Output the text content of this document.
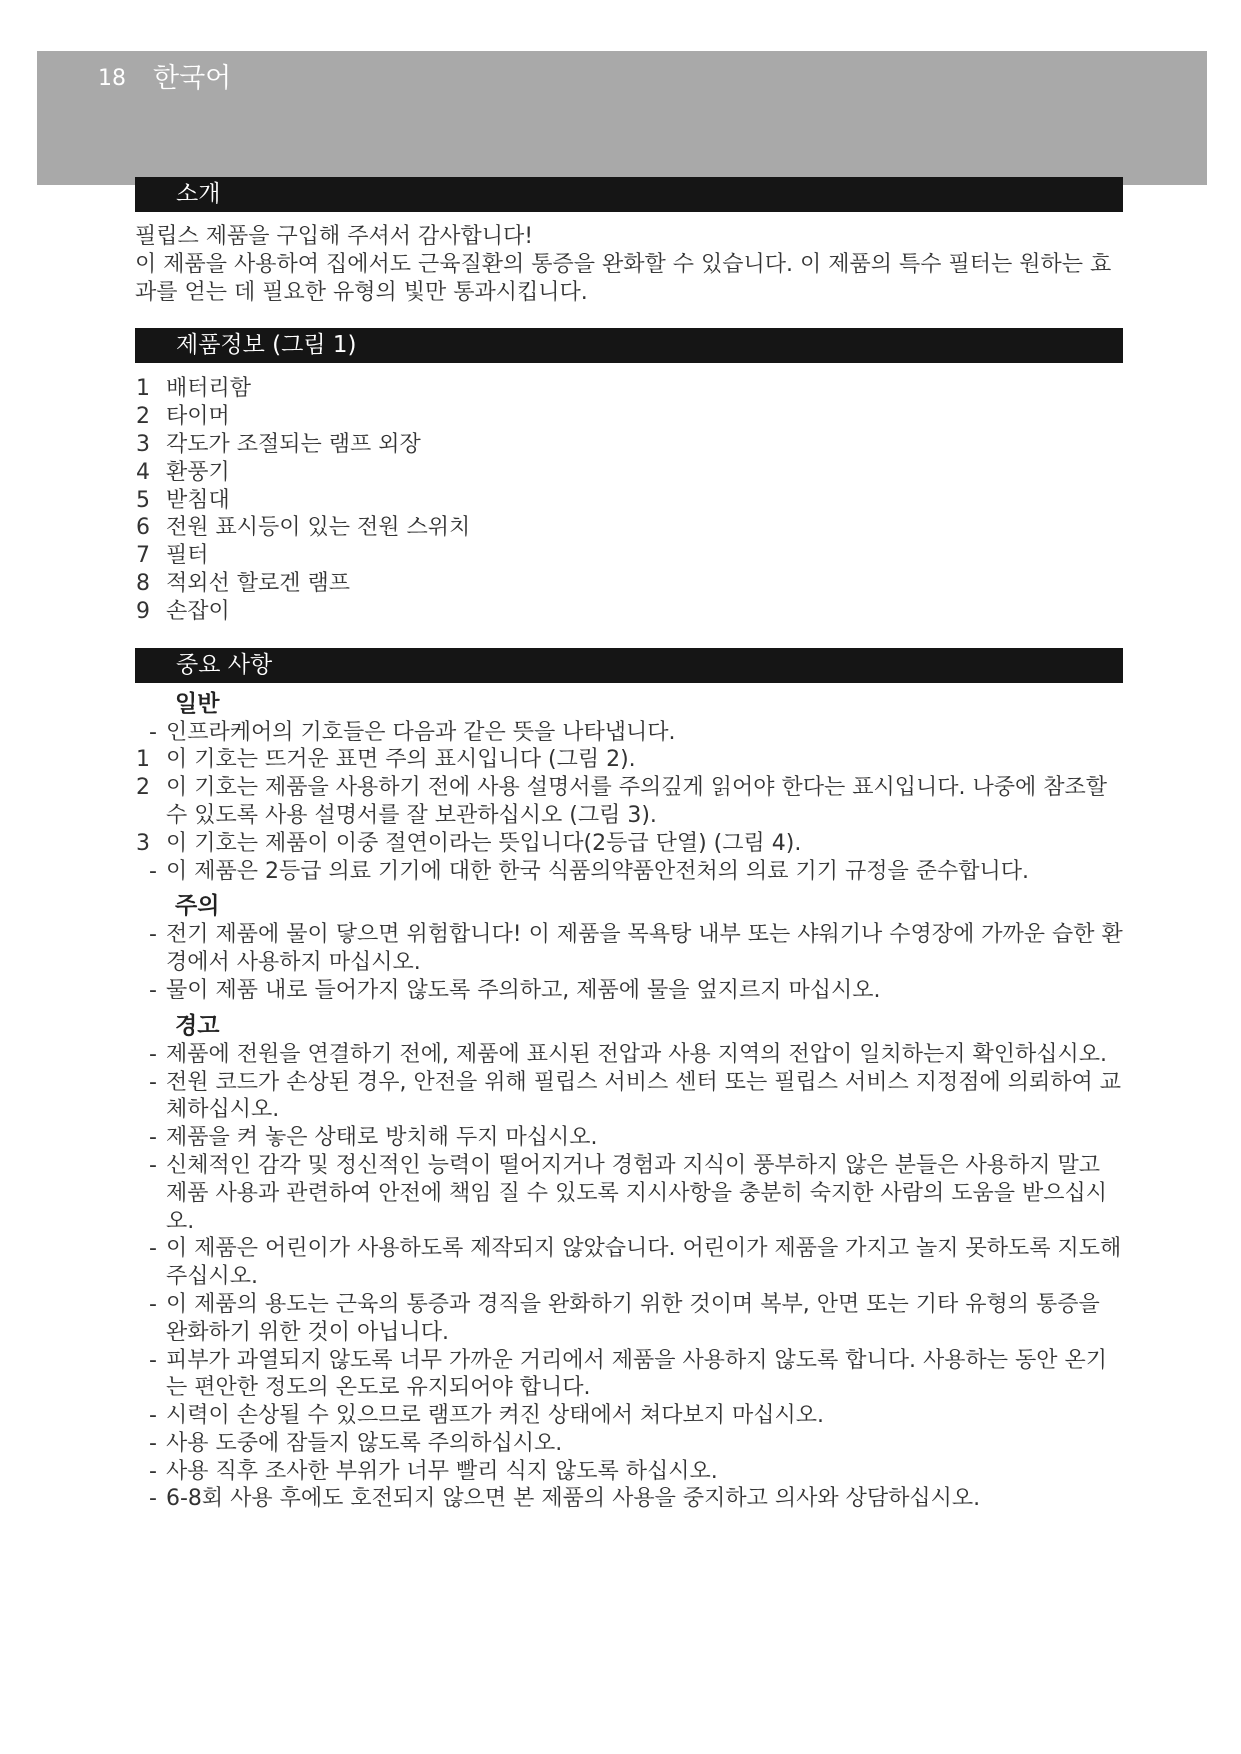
18 한국어
소개

필립스 제품을 구입해 주셔서 감사합니다!

이 제품을 사용하여 집에서도 근육질환의 통증을 완화할 수 있습니다. 이 제품의 특수 필터는 원하는 효과를 얻는 데 필요한 유형의 빛만 통과시킵니다.

제품정보 (그림 1)
1 배터리함
2 타이머
3 각도가 조절되는 램프 외장
4 환풍기
5 받침대
6 전원 표시등이 있는 전원 스위치
7 필터
8 적외선 할로겐 램프
9 손잡이
중요 사항
일반

- 인프라케어의 기호들은 다음과 같은 뜻을 나타냅니다.

1 이 기호는 뜨거운 표면 주의 표시입니다 (그림 2).

2 이 기호는 제품을 사용하기 전에 사용 설명서를 주의깊게 읽어야 한다는 표시입니다. 나중에 참조할 수 있도록 사용 설명서를 잘 보관하십시오 (그림 3).

3 이 기호는 제품이 이중 절연이라는 뜻입니다(2등급 단열) (그림 4).

- 이 제품은 2등급 의료 기기에 대한 한국 식품의약품안전처의 의료 기기 규정을 준수합니다.

주의

- 전기 제품에 물이 닿으면 위험합니다! 이 제품을 목욕탕 내부 또는 샤워기나 수영장에 가까운 습한 환경에서 사용하지 마십시오.

- 물이 제품 내로 들어가지 않도록 주의하고, 제품에 물을 엎지르지 마십시오.

경고

- 제품에 전원을 연결하기 전에, 제품에 표시된 전압과 사용 지역의 전압이 일치하는지 확인하십시오.

- 전원 코드가 손상된 경우, 안전을 위해 필립스 서비스 센터 또는 필립스 서비스 지정점에 의뢰하여 교체하십시오.

- 제품을 켜 놓은 상태로 방치해 두지 마십시오.

- 신체적인 감각 및 정신적인 능력이 떨어지거나 경험과 지식이 풍부하지 않은 분들은 사용하지 말고 제품 사용과 관련하여 안전에 책임 질 수 있도록 지시사항을 충분히 숙지한 사람의 도움을 받으십시오.

- 이 제품은 어린이가 사용하도록 제작되지 않았습니다. 어린이가 제품을 가지고 놀지 못하도록 지도해 주십시오.

- 이 제품의 용도는 근육의 통증과 경직을 완화하기 위한 것이며 복부, 안면 또는 기타 유형의 통증을 완화하기 위한 것이 아닙니다.

- 피부가 과열되지 않도록 너무 가까운 거리에서 제품을 사용하지 않도록 합니다. 사용하는 동안 온기는 편안한 정도의 온도로 유지되어야 합니다.

- 시력이 손상될 수 있으므로 램프가 켜진 상태에서 쳐다보지 마십시오.

- 사용 도중에 잠들지 않도록 주의하십시오.

- 사용 직후 조사한 부위가 너무 빨리 식지 않도록 하십시오.

- 6-8회 사용 후에도 호전되지 않으면 본 제품의 사용을 중지하고 의사와 상담하십시오.
